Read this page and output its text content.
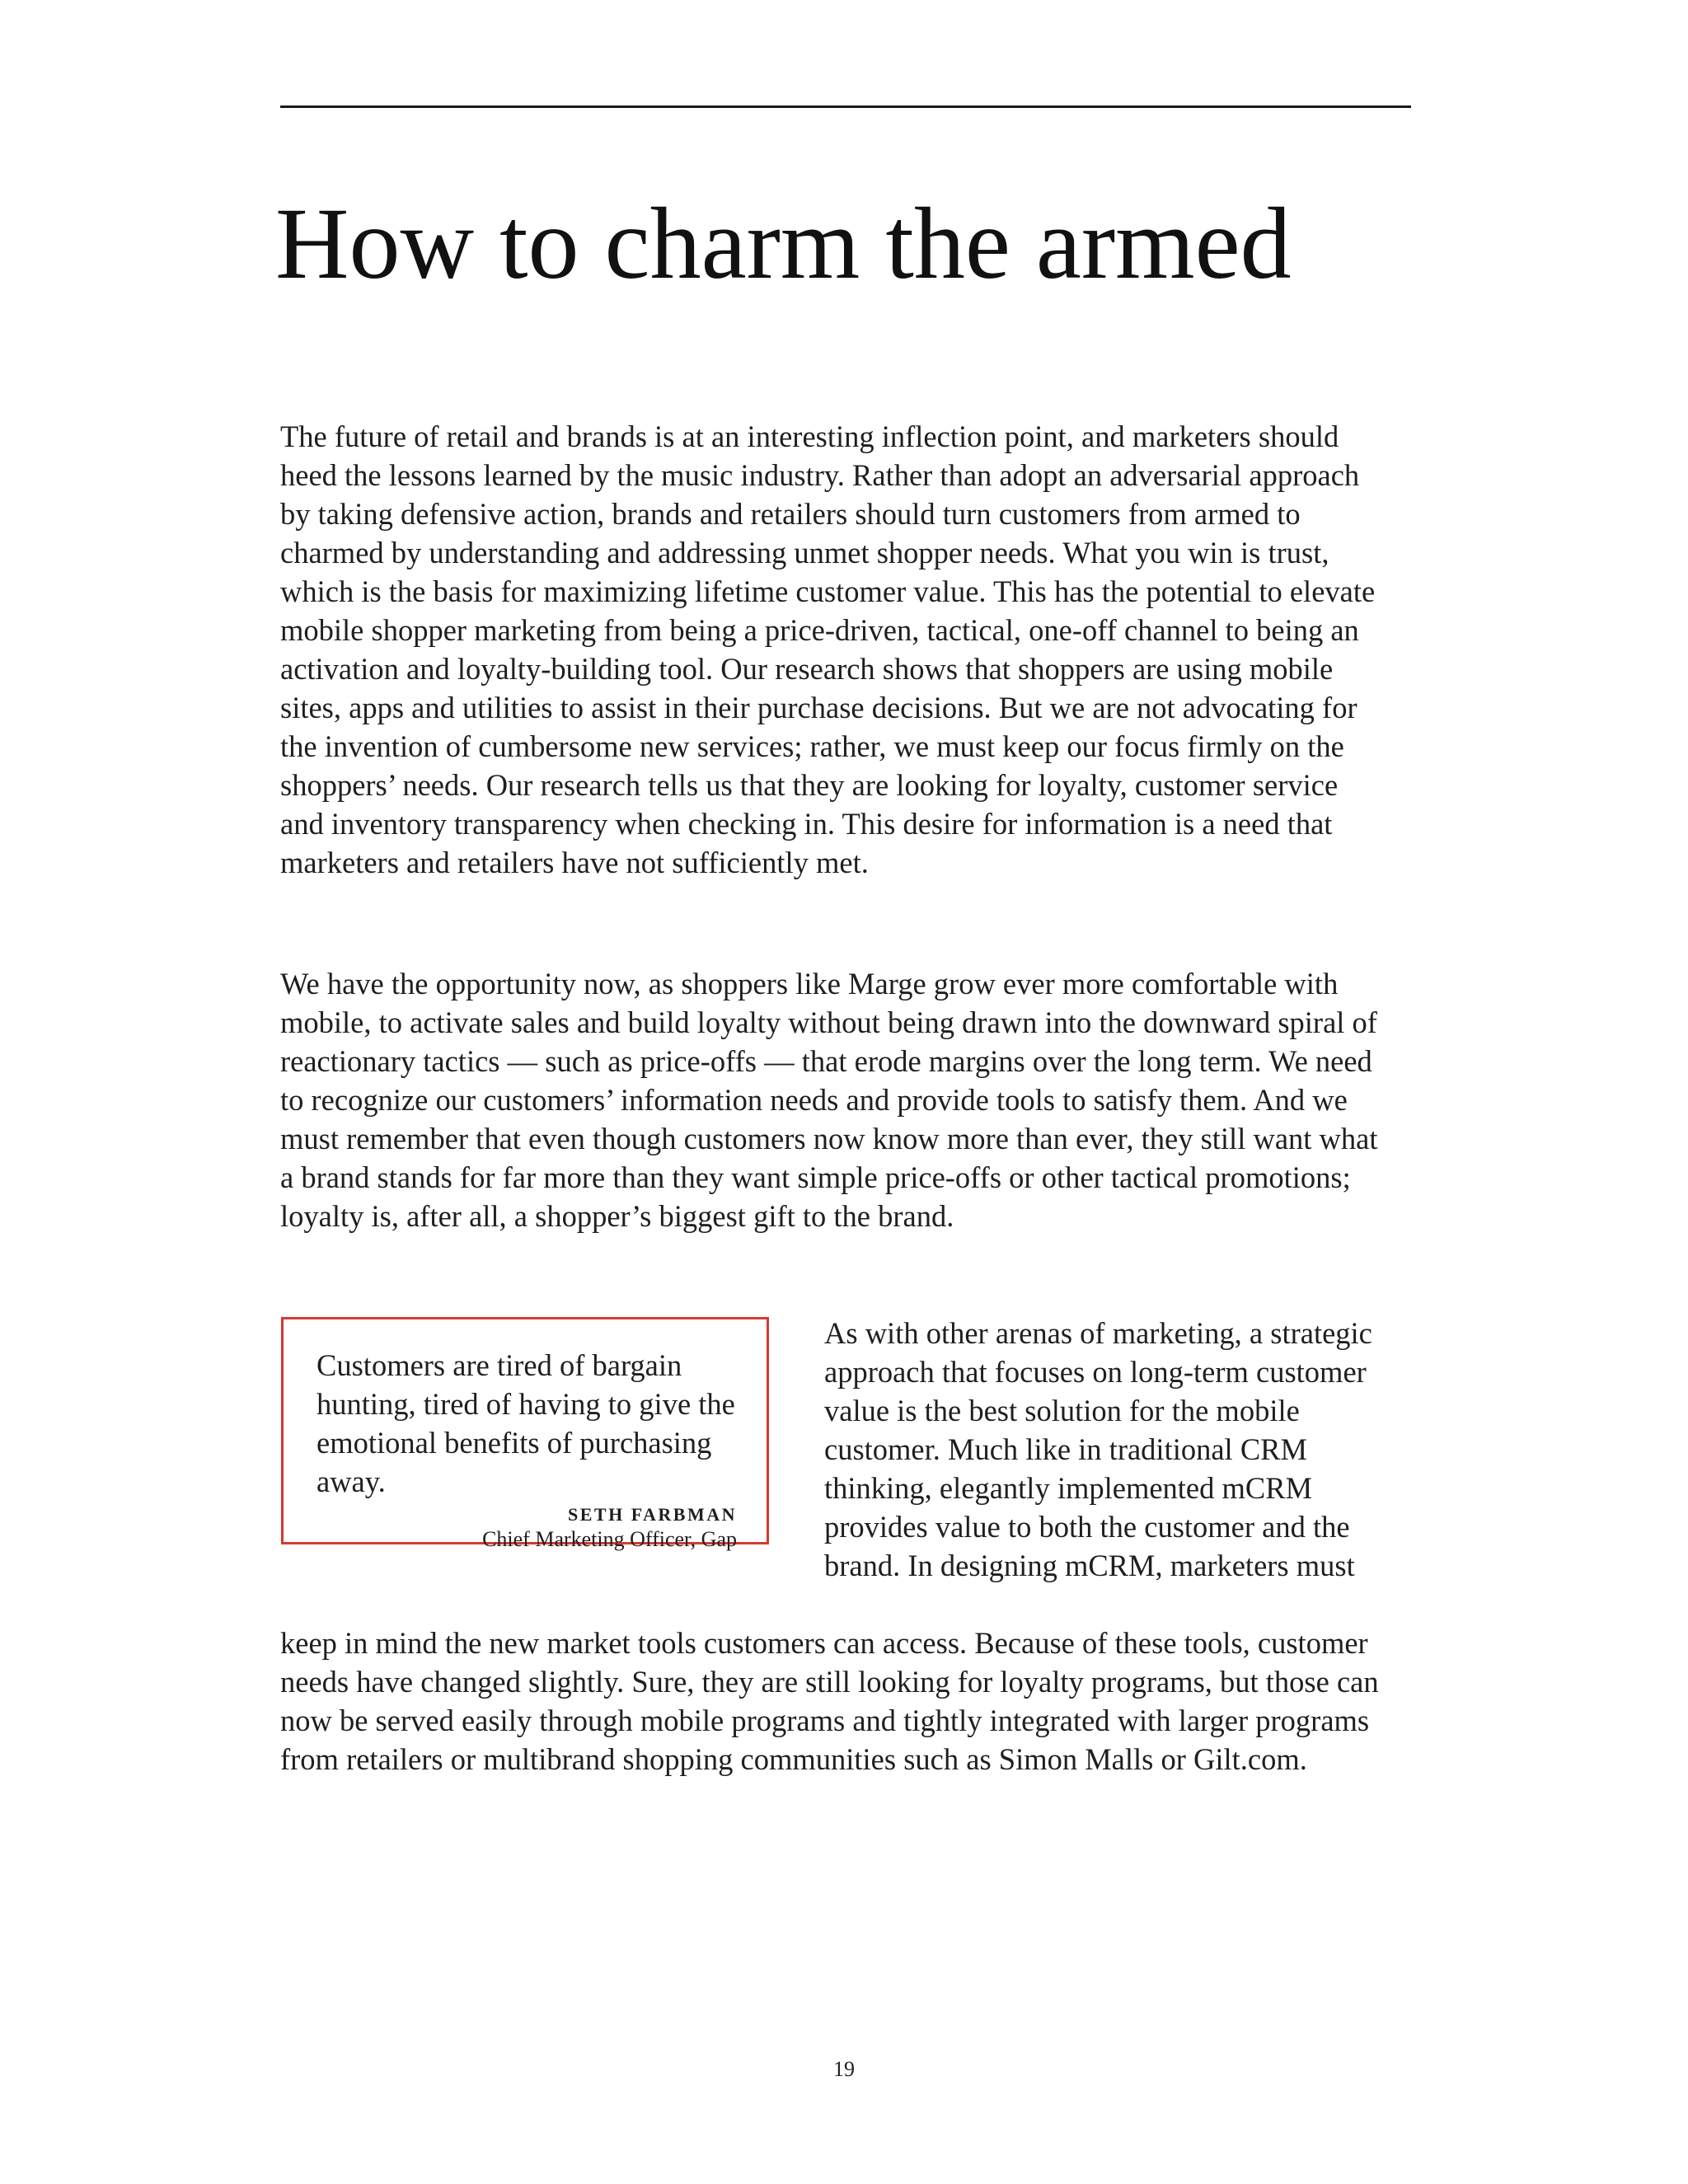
How to charm the armed

The future of retail and brands is at an interesting inflection point, and marketers should heed the lessons learned by the music industry. Rather than adopt an adversarial approach by taking defensive action, brands and retailers should turn customers from armed to charmed by understanding and addressing unmet shopper needs. What you win is trust, which is the basis for maximizing lifetime customer value. This has the potential to elevate mobile shopper marketing from being a price-driven, tactical, one-off channel to being an activation and loyalty-building tool. Our research shows that shoppers are using mobile sites, apps and utilities to assist in their purchase decisions. But we are not advocating for the invention of cumbersome new services; rather, we must keep our focus firmly on the shoppers’ needs. Our research tells us that they are looking for loyalty, customer service and inventory transparency when checking in. This desire for information is a need that marketers and retailers have not sufficiently met.

We have the opportunity now, as shoppers like Marge grow ever more comfortable with mobile, to activate sales and build loyalty without being drawn into the downward spiral of reactionary tactics — such as price-offs — that erode margins over the long term. We need to recognize our customers’ information needs and provide tools to satisfy them. And we must remember that even though customers now know more than ever, they still want what a brand stands for far more than they want simple price-offs or other tactical promotions; loyalty is, after all, a shopper’s biggest gift to the brand.

Customers are tired of bargain hunting, tired of having to give the emotional benefits of purchasing away.

SETH FARBMAN

Chief Marketing Officer, Gap

As with other arenas of marketing, a strategic approach that focuses on long-term customer value is the best solution for the mobile customer. Much like in traditional CRM thinking, elegantly implemented mCRM provides value to both the customer and the brand. In designing mCRM, marketers must

keep in mind the new market tools customers can access. Because of these tools, customer needs have changed slightly. Sure, they are still looking for loyalty programs, but those can now be served easily through mobile programs and tightly integrated with larger programs from retailers or multibrand shopping communities such as Simon Malls or Gilt.com.

19
